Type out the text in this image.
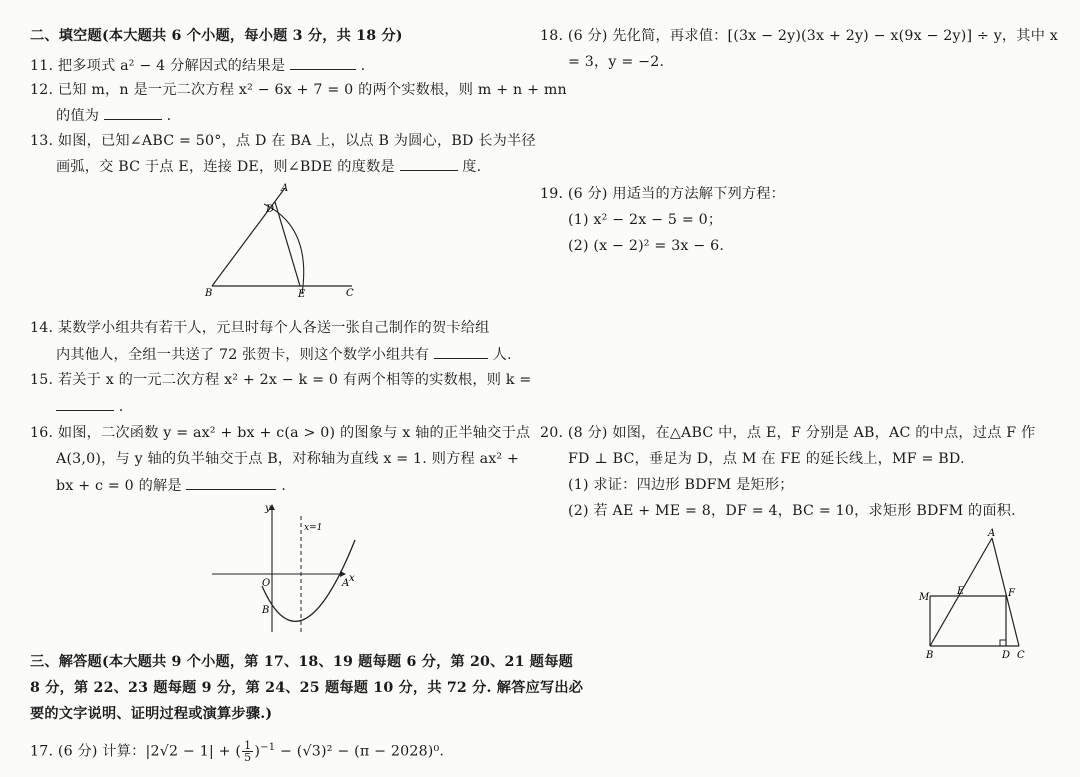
二、填空题(本大题共 6 个小题，每小题 3 分，共 18 分)
11. 把多项式 a² − 4 分解因式的结果是	.
12. 已知 m，n 是一元二次方程 x² − 6x + 7 = 0 的两个实数根，则 m + n + mn
的值为	.
13. 如图，已知∠ABC = 50°，点 D 在 BA 上，以点 B 为圆心，BD 长为半径
画弧，交 BC 于点 E，连接 DE，则∠BDE 的度数是	度.
A
D
B	E	C
14. 某数学小组共有若干人，元旦时每个人各送一张自己制作的贺卡给组
内其他人，全组一共送了 72 张贺卡，则这个数学小组共有	人.
15. 若关于 x 的一元二次方程 x² + 2x − k = 0 有两个相等的实数根，则 k =
.
16. 如图，二次函数 y = ax² + bx + c(a > 0) 的图象与 x 轴的正半轴交于点
A(3,0)，与 y 轴的负半轴交于点 B，对称轴为直线 x = 1. 则方程 ax² +
bx + c = 0 的解是	.
y
x
O	A
B
x=1
三、解答题(本大题共 9 个小题，第 17、18、19 题每题 6 分，第 20、21 题每题
8 分，第 22、23 题每题 9 分，第 24、25 题每题 10 分，共 72 分. 解答应写出必
要的文字说明、证明过程或演算步骤.)
17. (6 分) 计算：|2√2 − 1| + ( $\frac{1}{5} )^{-1} - (√3)^2 - (\pi - 2028)^0$.
18. (6 分) 先化简，再求值：[(3x − 2y)(3x + 2y) − x(9x − 2y)] ÷ y，其中 x
= 3，y = −2.
19. (6 分) 用适当的方法解下列方程：
(1) x² − 2x − 5 = 0；
(2) (x − 2)² = 3x − 6.
20. (8 分) 如图，在△ABC 中，点 E，F 分别是 AB，AC 的中点，过点 F 作
FD ⊥ BC，垂足为 D，点 M 在 FE 的延长线上，MF = BD.
(1) 求证：四边形 BDFM 是矩形；
(2) 若 AE + ME = 8，DF = 4，BC = 10，求矩形 BDFM 的面积.
A
M
E	F
B	D C
